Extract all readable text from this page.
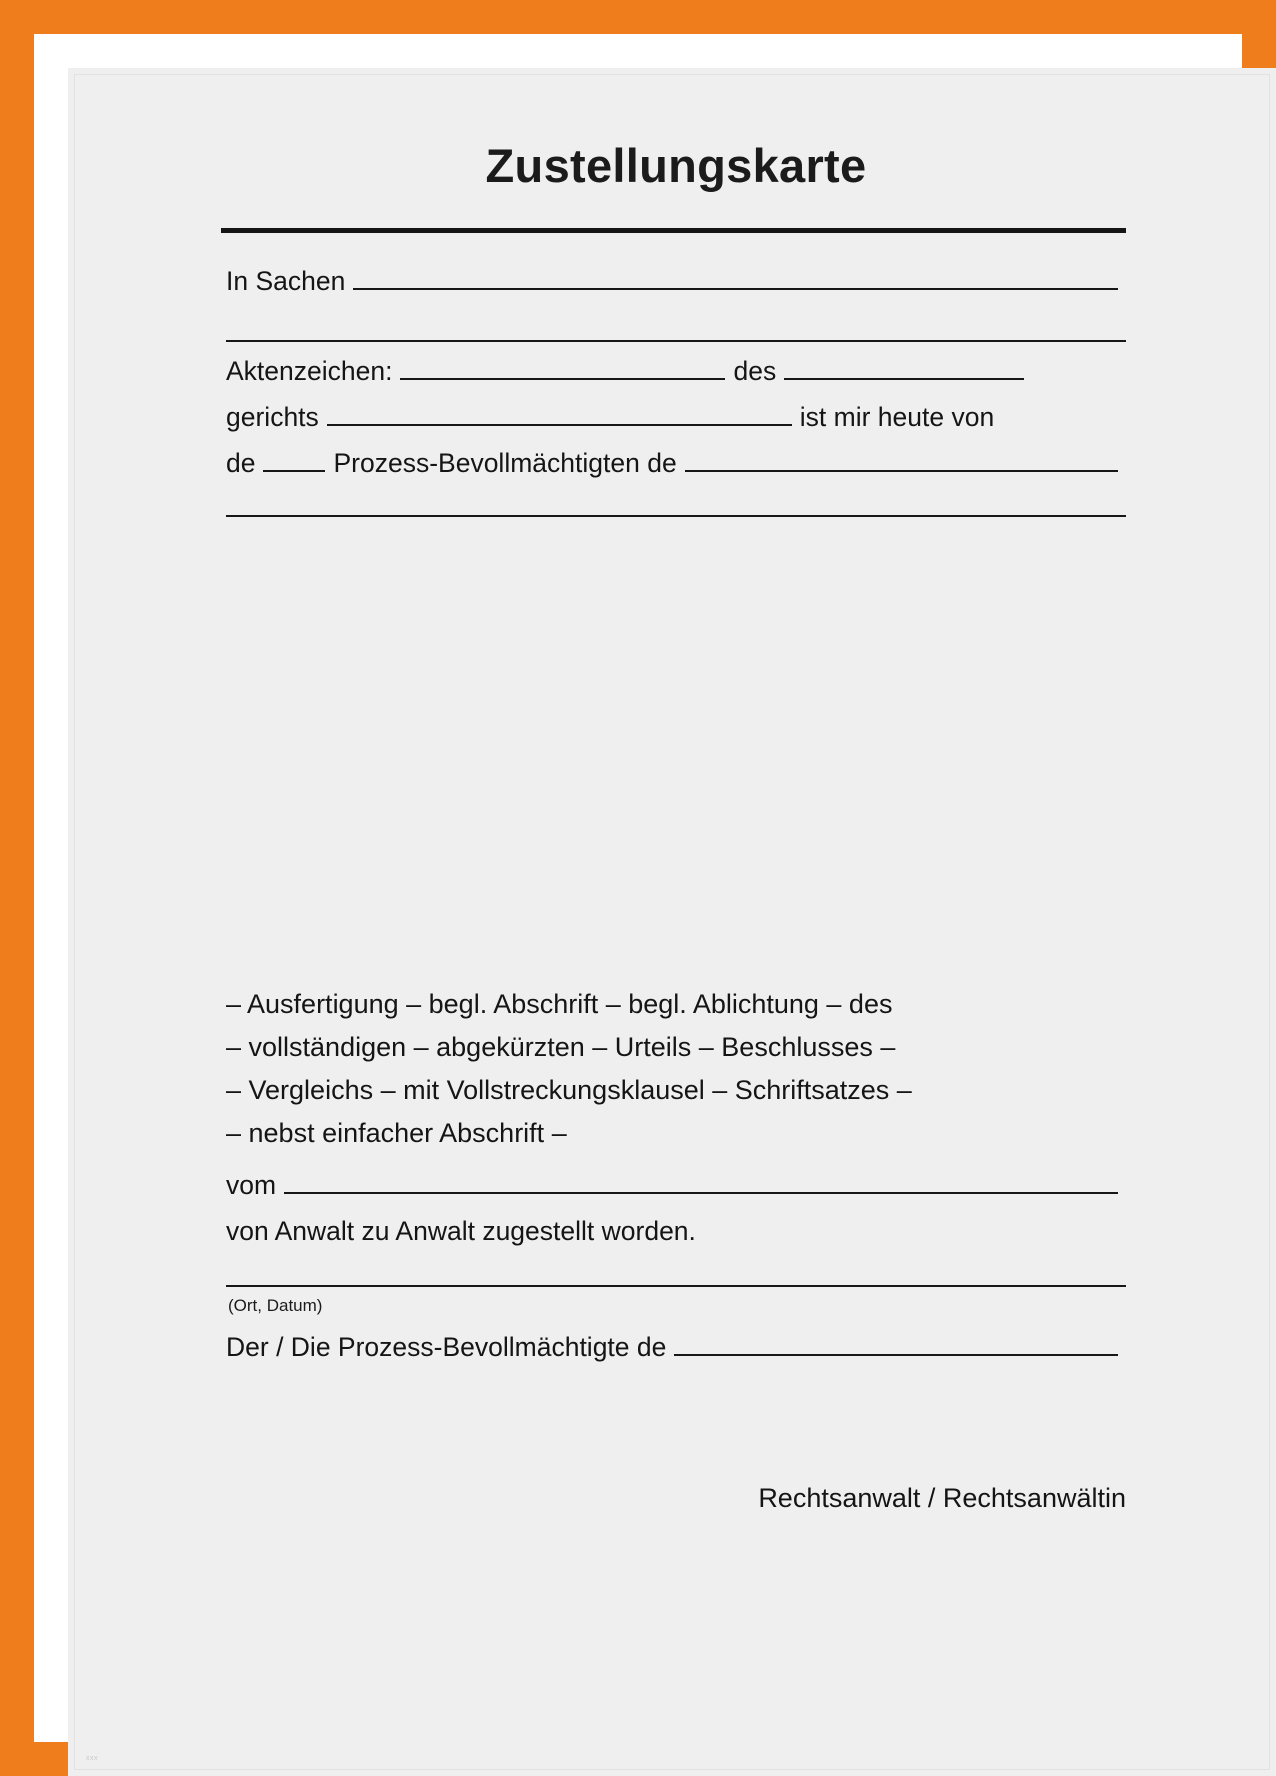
Zustellungskarte
In Sachen
Aktenzeichen:	des
gerichts	ist mir heute von
de	Prozess-Bevollmächtigten de
– Ausfertigung – begl. Abschrift – begl. Ablichtung – des
– vollständigen – abgekürzten – Urteils – Beschlusses –
– Vergleichs – mit Vollstreckungsklausel – Schriftsatzes –
– nebst einfacher Abschrift –
vom
von Anwalt zu Anwalt zugestellt worden.
(Ort, Datum)
Der / Die Prozess-Bevollmächtigte de
Rechtsanwalt / Rechtsanwältin
xxx
